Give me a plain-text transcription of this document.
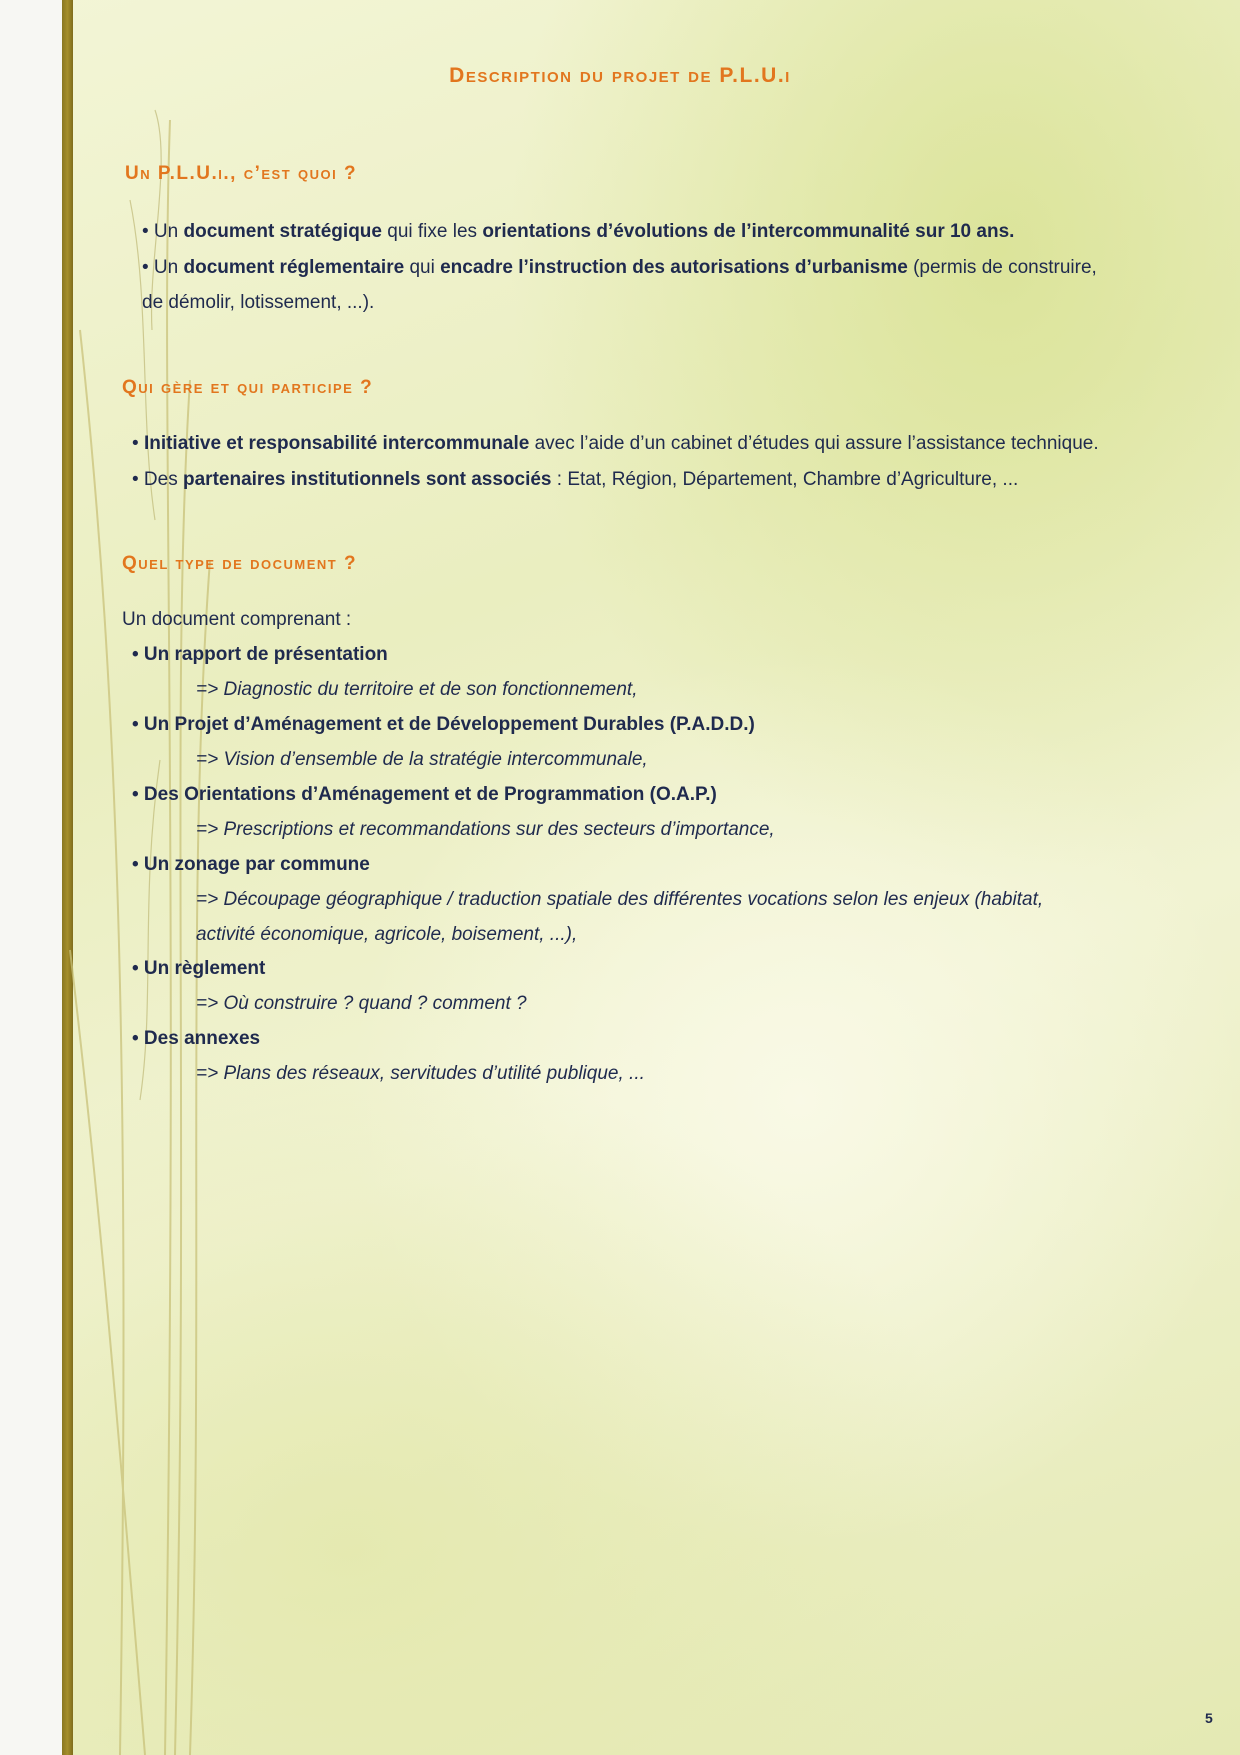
Description du projet de P.L.U.i
Un P.L.U.i., c’est quoi ?
• Un document stratégique qui fixe les orientations d’évolutions de l’intercommunalité sur 10 ans.
• Un document réglementaire qui encadre l’instruction des autorisations d’urbanisme (permis de construire,
de démolir, lotissement, ...).
Qui gère et qui participe ?
• Initiative et responsabilité intercommunale avec l’aide d’un cabinet d’études qui assure l’assistance technique.
• Des partenaires institutionnels sont associés : Etat, Région, Département, Chambre d’Agriculture, ...
Quel type de document ?
Un document comprenant :
• Un rapport de présentation
=> Diagnostic du territoire et de son fonctionnement,
• Un Projet d’Aménagement et de Développement Durables (P.A.D.D.)
=> Vision d’ensemble de la stratégie intercommunale,
• Des Orientations d’Aménagement et de Programmation (O.A.P.)
=> Prescriptions et recommandations sur des secteurs d’importance,
• Un zonage par commune
=> Découpage géographique / traduction spatiale des différentes vocations selon les enjeux (habitat,
activité économique, agricole, boisement, ...),
• Un règlement
=> Où construire ? quand ? comment ?
• Des annexes
=> Plans des réseaux, servitudes d’utilité publique, ...
5
